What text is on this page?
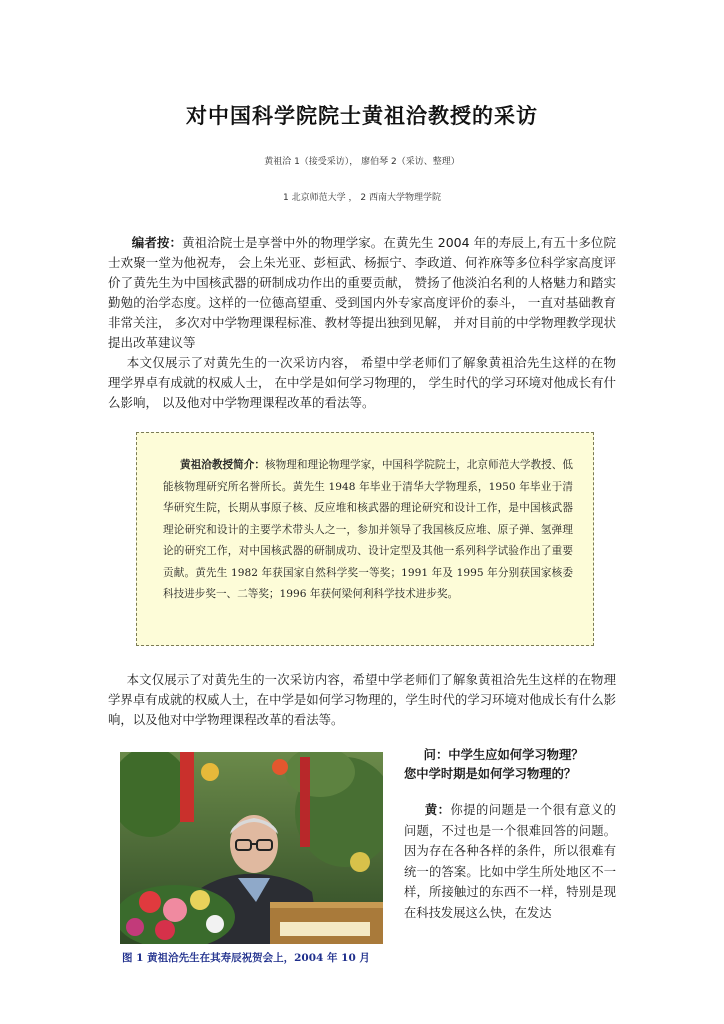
对中国科学院院士黄祖洽教授的采访
黄祖洽 1（接受采访）， 廖伯琴 2（采访、整理）
1 北京师范大学 ， 2 西南大学物理学院
编者按：黄祖洽院士是享誉中外的物理学家。在黄先生 2004 年的寿辰上,有五十多位院士欢聚一堂为他祝寿， 会上朱光亚、彭桓武、杨振宁、李政道、何祚庥等多位科学家高度评价了黄先生为中国核武器的研制成功作出的重要贡献， 赞扬了他淡泊名利的人格魅力和踏实勤勉的治学态度。这样的一位德高望重、受到国内外专家高度评价的泰斗， 一直对基础教育非常关注， 多次对中学物理课程标准、教材等提出独到见解， 并对目前的中学物理教学现状提出改革建议等
本文仅展示了对黄先生的一次采访内容， 希望中学老师们了解象黄祖洽先生这样的在物理学界卓有成就的权威人士， 在中学是如何学习物理的， 学生时代的学习环境对他成长有什么影响， 以及他对中学物理课程改革的看法等。
黄祖洽教授简介：核物理和理论物理学家，中国科学院院士，北京师范大学教授、低能核物理研究所名誉所长。黄先生 1948 年毕业于清华大学物理系，1950 年毕业于清华研究生院，长期从事原子核、反应堆和核武器的理论研究和设计工作，是中国核武器理论研究和设计的主要学术带头人之一，参加并领导了我国核反应堆、原子弹、氢弹理论的研究工作，对中国核武器的研制成功、设计定型及其他一系列科学试验作出了重要贡献。黄先生 1982 年获国家自然科学奖一等奖；1991 年及 1995 年分别获国家核委科技进步奖一、二等奖；1996 年获何梁何利科学技术进步奖。
本文仅展示了对黄先生的一次采访内容，希望中学老师们了解象黄祖洽先生这样的在物理学界卓有成就的权威人士，在中学是如何学习物理的，学生时代的学习环境对他成长有什么影响，以及他对中学物理课程改革的看法等。
图 1 黄祖洽先生在其寿辰祝贺会上，2004 年 10 月
问：中学生应如何学习物理？
您中学时期是如何学习物理的？
黄：你提的问题是一个很有意义的问题，不过也是一个很难回答的问题。因为存在各种各样的条件，所以很难有统一的答案。比如中学生所处地区不一样，所接触过的东西不一样，特别是现在科技发展这么快，在发达
